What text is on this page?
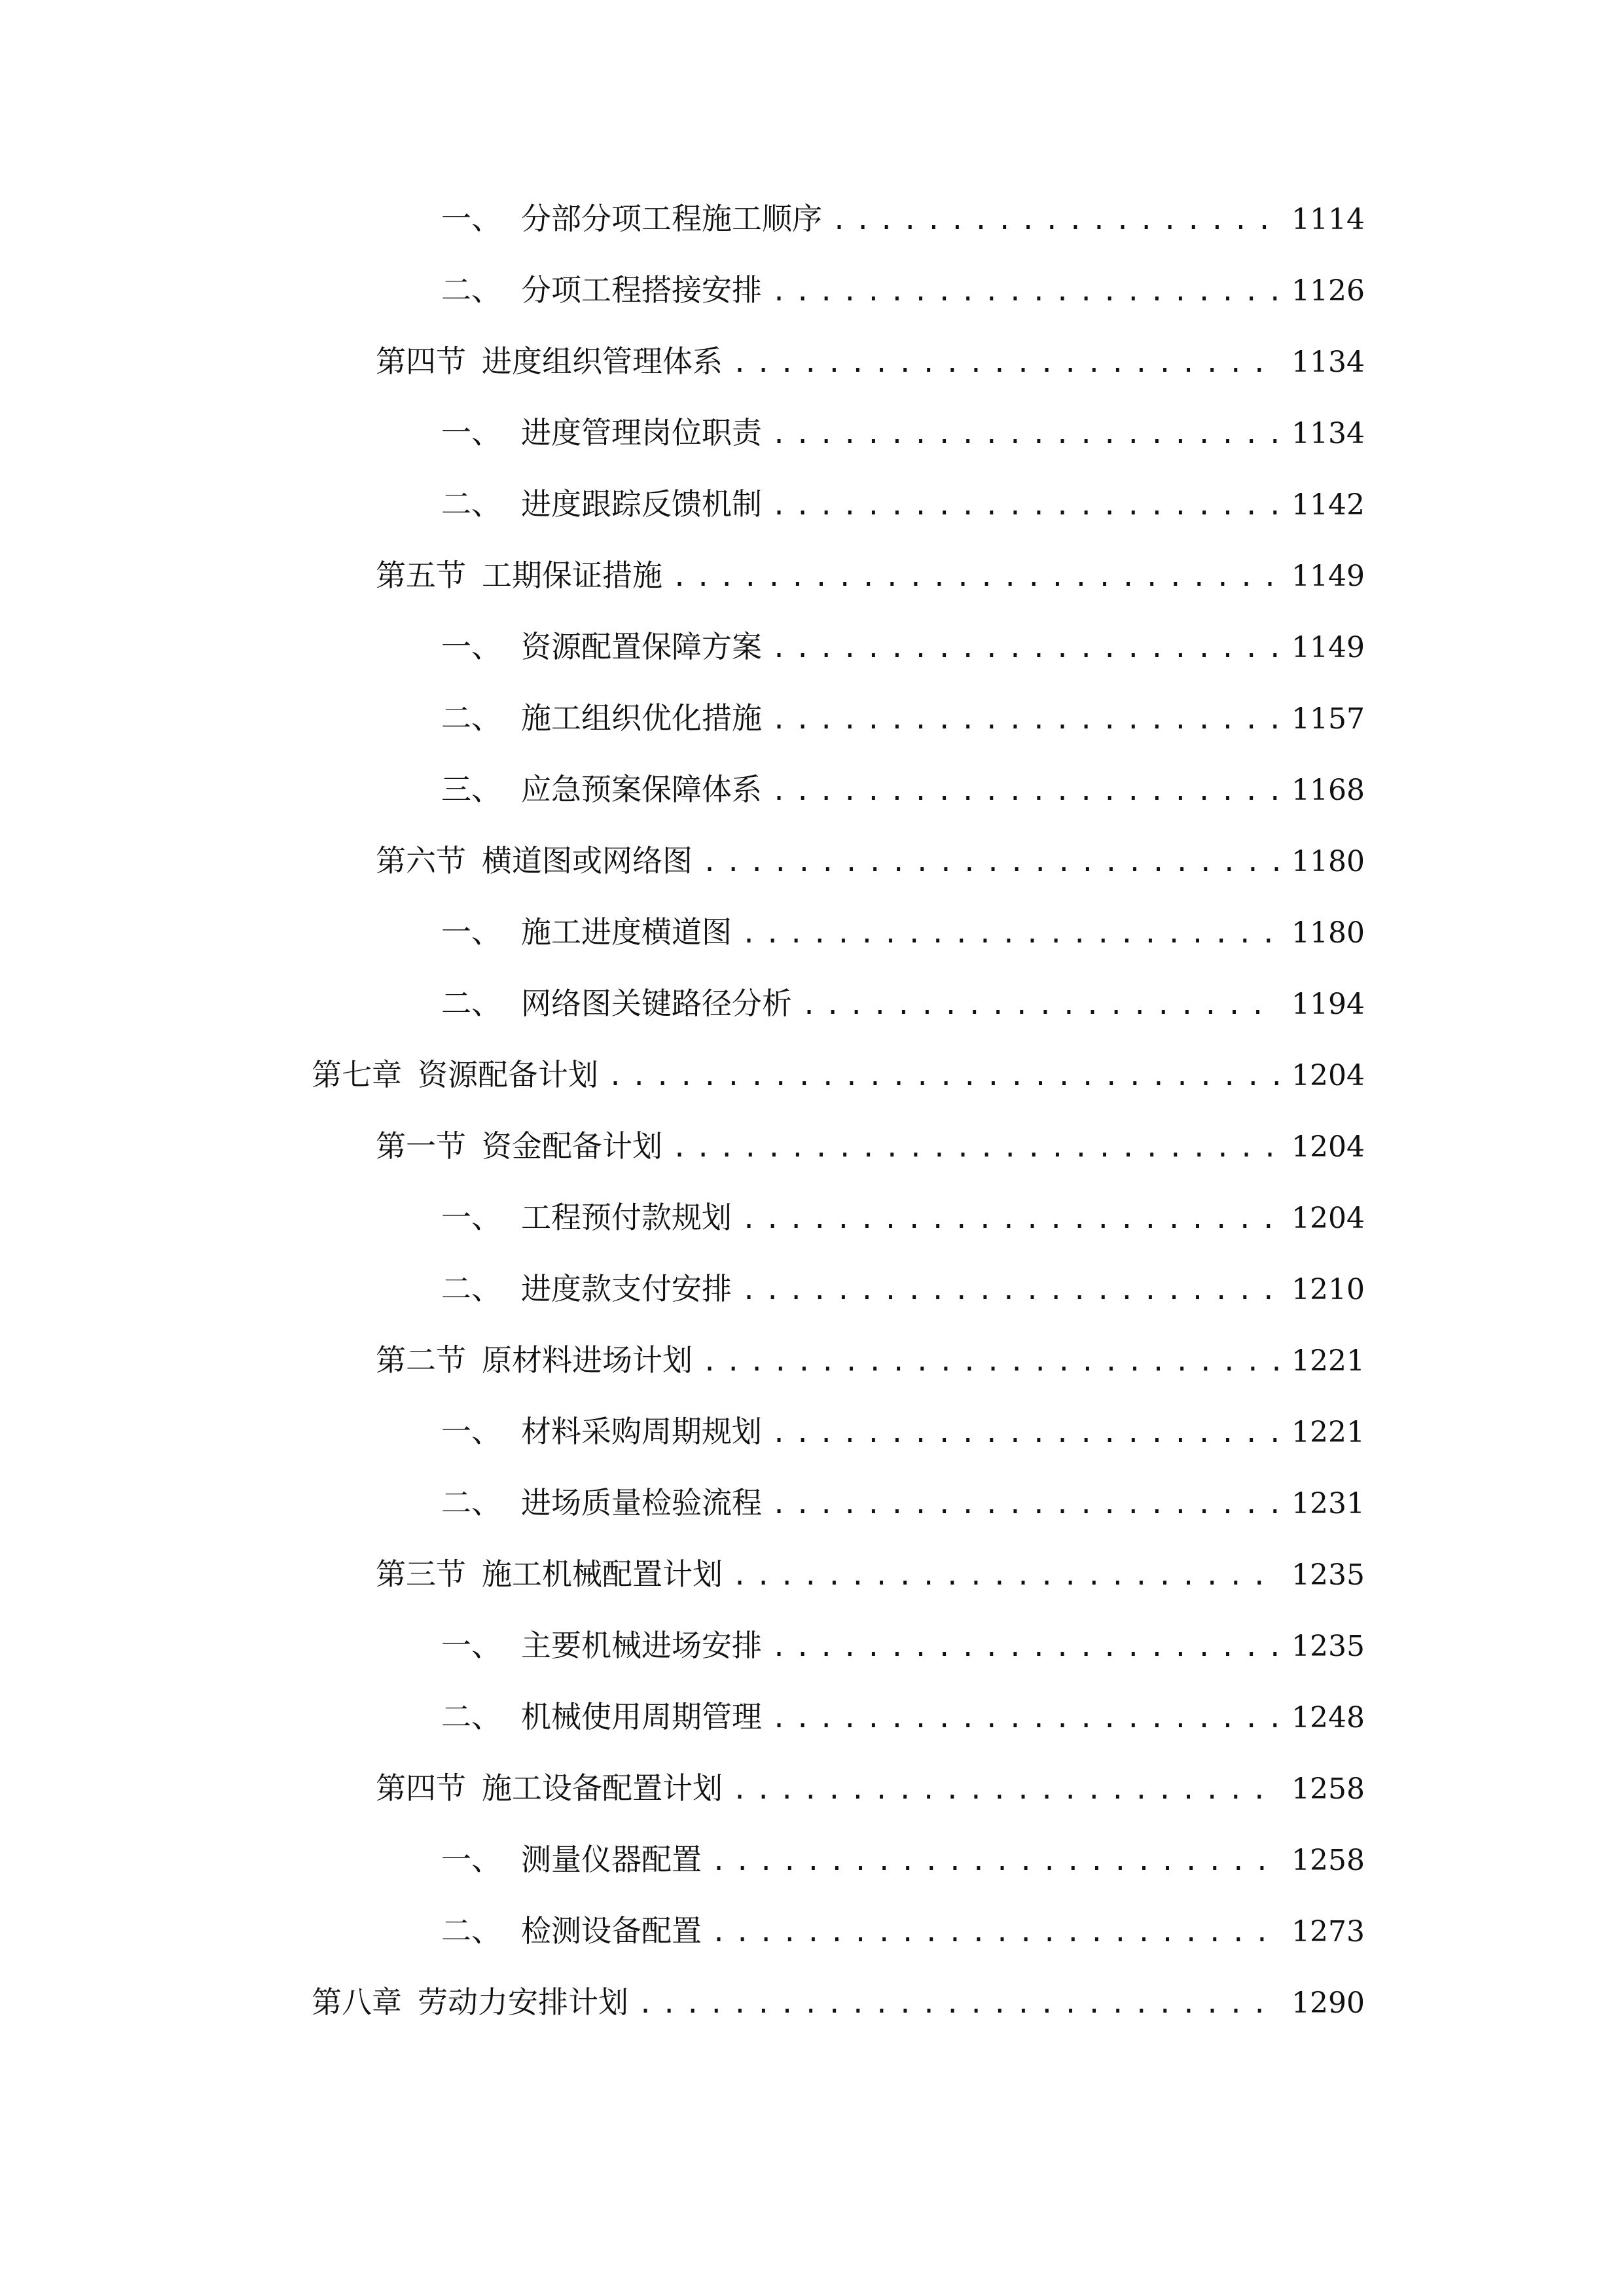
一、 分部分项工程施工顺序 .....	1114
二、 分项工程搭接安排 .....	1126
第四节 进度组织管理体系 .....	1134
一、 进度管理岗位职责 .....	1134
二、 进度跟踪反馈机制 .....	1142
第五节 工期保证措施 .....	1149
一、 资源配置保障方案 .....	1149
二、 施工组织优化措施 .....	1157
三、 应急预案保障体系 .....	1168
第六节 横道图或网络图 .....	1180
一、 施工进度横道图 .....	1180
二、 网络图关键路径分析 .....	1194
第七章 资源配备计划 .....	1204
第一节 资金配备计划 .....	1204
一、 工程预付款规划 .....	1204
二、 进度款支付安排 .....	1210
第二节 原材料进场计划 .....	1221
一、 材料采购周期规划 .....	1221
二、 进场质量检验流程 .....	1231
第三节 施工机械配置计划 .....	1235
一、 主要机械进场安排 .....	1235
二、 机械使用周期管理 .....	1248
第四节 施工设备配置计划 .....	1258
一、 测量仪器配置 .....	1258
二、 检测设备配置 .....	1273
第八章 劳动力安排计划 .....	1290
